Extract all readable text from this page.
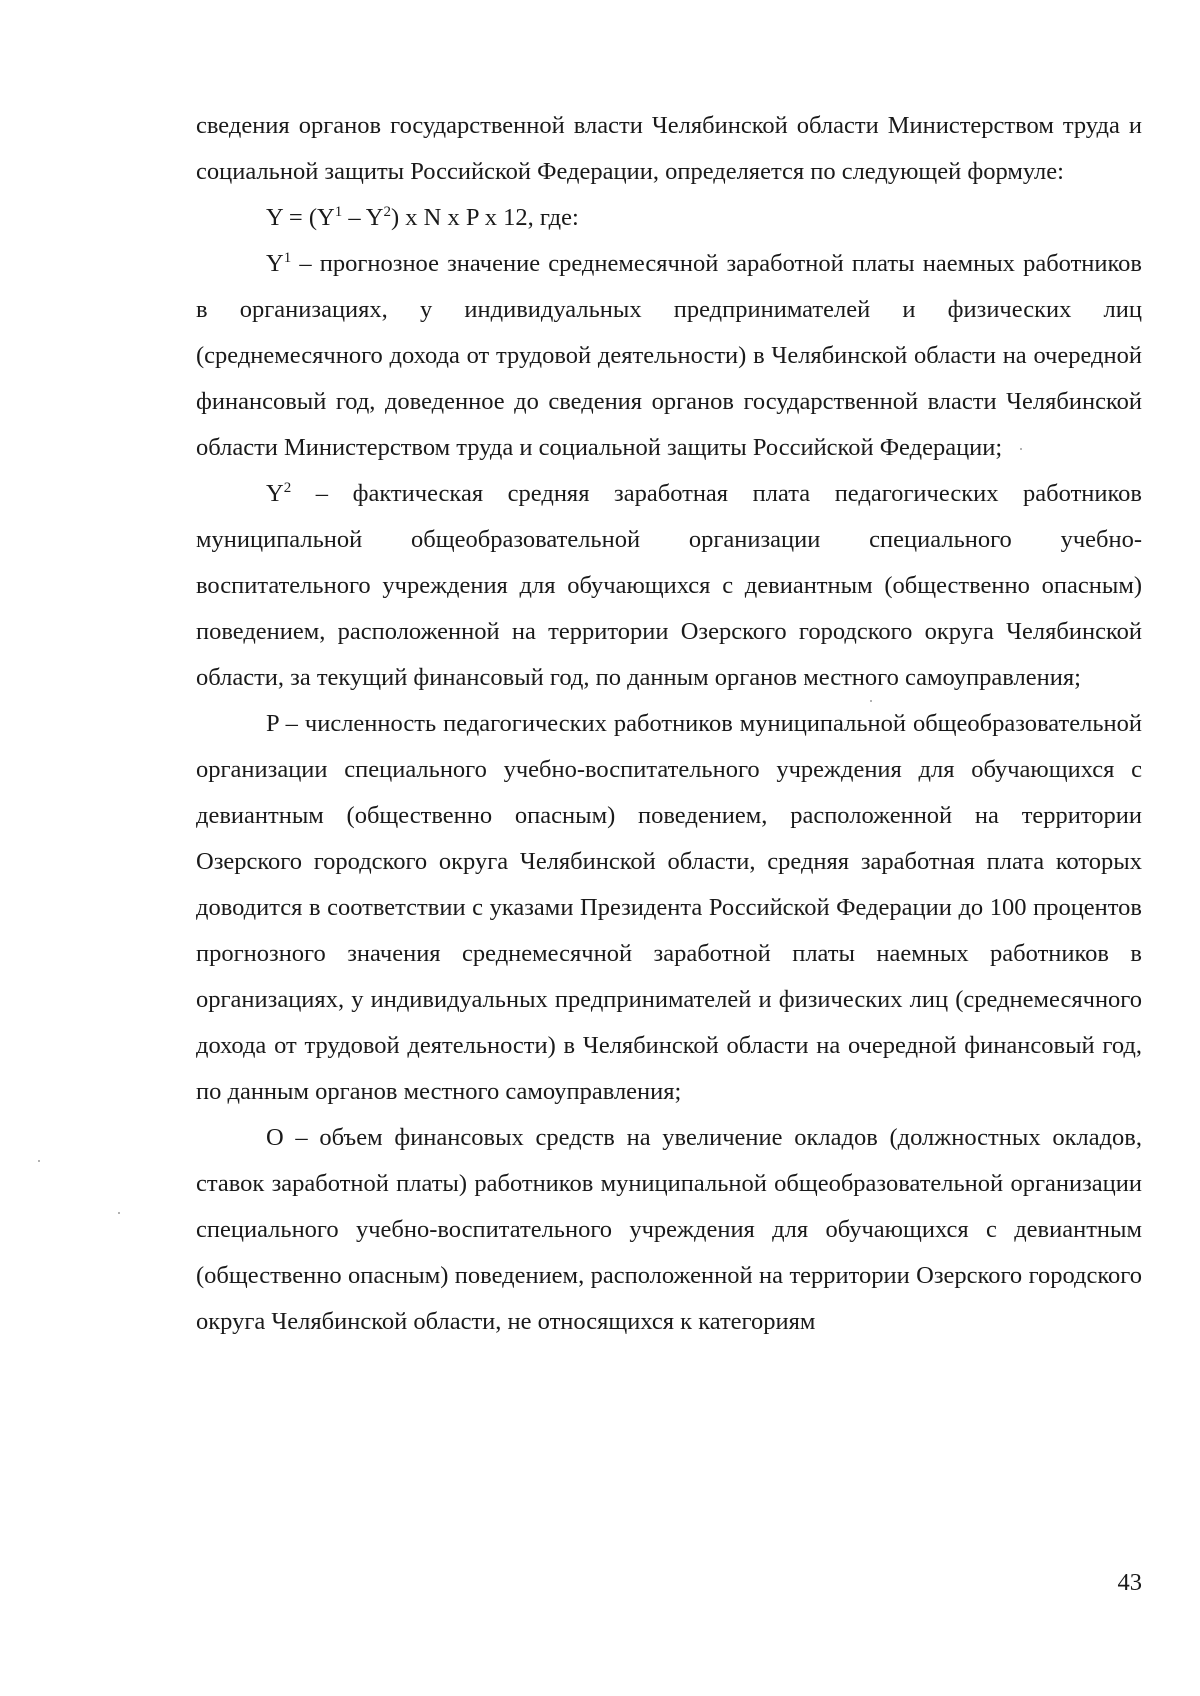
сведения органов государственной власти Челябинской области Министерством труда и социальной защиты Российской Федерации, определяется по следующей формуле:

$Y = (Y^1 - Y^2)$ x N x P x 12, где:

$Y^1$ – прогнозное значение среднемесячной заработной платы наемных работников в организациях, у индивидуальных предпринимателей и физических лиц (среднемесячного дохода от трудовой деятельности) в Челябинской области на очередной финансовый год, доведенное до сведения органов государственной власти Челябинской области Министерством труда и социальной защиты Российской Федерации;

$Y^2$ – фактическая средняя заработная плата педагогических работников муниципальной общеобразовательной организации специального учебно-воспитательного учреждения для обучающихся с девиантным (общественно опасным) поведением, расположенной на территории Озерского городского округа Челябинской области, за текущий финансовый год, по данным органов местного самоуправления;

P – численность педагогических работников муниципальной общеобразовательной организации специального учебно-воспитательного учреждения для обучающихся с девиантным (общественно опасным) поведением, расположенной на территории Озерского городского округа Челябинской области, средняя заработная плата которых доводится в соответствии с указами Президента Российской Федерации до 100 процентов прогнозного значения среднемесячной заработной платы наемных работников в организациях, у индивидуальных предпринимателей и физических лиц (среднемесячного дохода от трудовой деятельности) в Челябинской области на очередной финансовый год, по данным органов местного самоуправления;

О – объем финансовых средств на увеличение окладов (должностных окладов, ставок заработной платы) работников муниципальной общеобразовательной организации специального учебно-воспитательного учреждения для обучающихся с девиантным (общественно опасным) поведением, расположенной на территории Озерского городского округа Челябинской области, не относящихся к категориям

43
